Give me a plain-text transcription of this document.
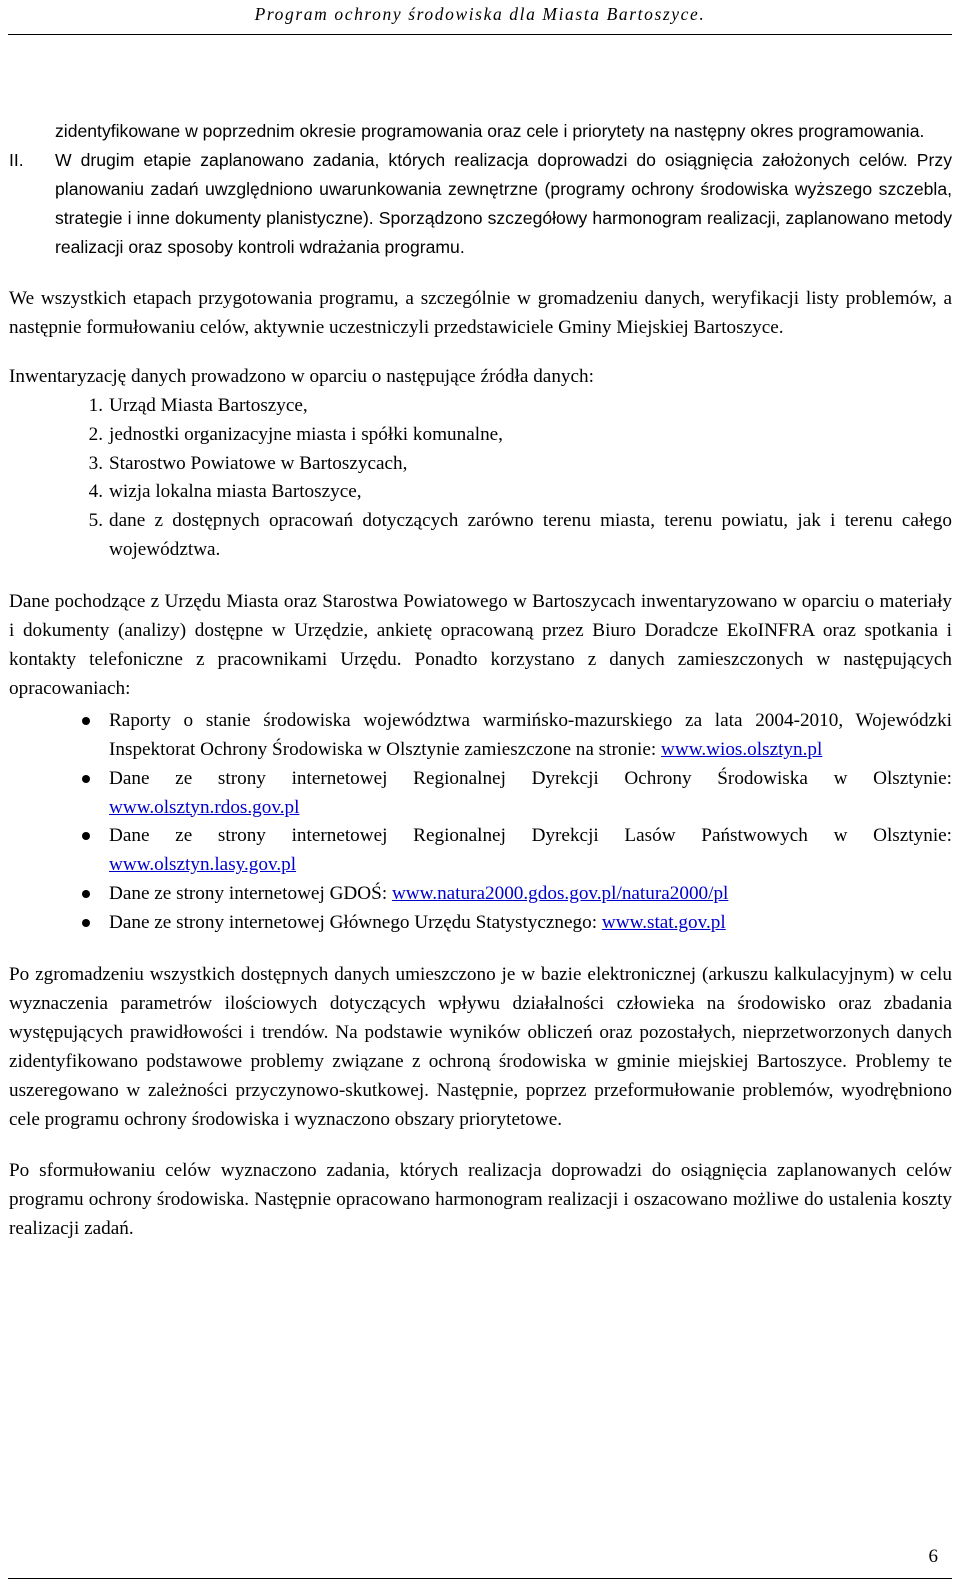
Program ochrony środowiska dla Miasta Bartoszyce.

zidentyfikowane w poprzednim okresie programowania oraz cele i priorytety na następny okres programowania.

II.	W drugim etapie zaplanowano zadania, których realizacja doprowadzi do osiągnięcia założonych celów. Przy planowaniu zadań uwzględniono uwarunkowania zewnętrzne (programy ochrony środowiska wyższego szczebla, strategie i inne dokumenty planistyczne). Sporządzono szczegółowy harmonogram realizacji, zaplanowano metody realizacji oraz sposoby kontroli wdrażania programu.

We wszystkich etapach przygotowania programu, a szczególnie w gromadzeniu danych, weryfikacji listy problemów, a następnie formułowaniu celów, aktywnie uczestniczyli przedstawiciele Gminy Miejskiej Bartoszyce.

Inwentaryzację danych prowadzono w oparciu o następujące źródła danych:

1. Urząd Miasta Bartoszyce,
2. jednostki organizacyjne miasta i spółki komunalne,
3. Starostwo Powiatowe w Bartoszycach,
4. wizja lokalna miasta Bartoszyce,
5. dane z dostępnych opracowań dotyczących zarówno terenu miasta, terenu powiatu, jak i terenu całego województwa.

Dane pochodzące z Urzędu Miasta oraz Starostwa Powiatowego w Bartoszycach inwentaryzowano w oparciu o materiały i dokumenty (analizy) dostępne w Urzędzie, ankietę opracowaną przez Biuro Doradcze EkoINFRA oraz spotkania i kontakty telefoniczne z pracownikami Urzędu. Ponadto korzystano z danych zamieszczonych w następujących opracowaniach:

Raporty o stanie środowiska województwa warmińsko-mazurskiego za lata 2004-2010, Wojewódzki Inspektorat Ochrony Środowiska w Olsztynie zamieszczone na stronie: www.wios.olsztyn.pl
Dane ze strony internetowej Regionalnej Dyrekcji Ochrony Środowiska w Olsztynie: www.olsztyn.rdos.gov.pl
Dane ze strony internetowej Regionalnej Dyrekcji Lasów Państwowych w Olsztynie: www.olsztyn.lasy.gov.pl
Dane ze strony internetowej GDOŚ: www.natura2000.gdos.gov.pl/natura2000/pl
Dane ze strony internetowej Głównego Urzędu Statystycznego: www.stat.gov.pl

Po zgromadzeniu wszystkich dostępnych danych umieszczono je w bazie elektronicznej (arkuszu kalkulacyjnym) w celu wyznaczenia parametrów ilościowych dotyczących wpływu działalności człowieka na środowisko oraz zbadania występujących prawidłowości i trendów. Na podstawie wyników obliczeń oraz pozostałych, nieprzetworzonych danych zidentyfikowano podstawowe problemy związane z ochroną środowiska w gminie miejskiej Bartoszyce. Problemy te uszeregowano w zależności przyczynowo-skutkowej. Następnie, poprzez przeformułowanie problemów, wyodrębniono cele programu ochrony środowiska i wyznaczono obszary priorytetowe.

Po sformułowaniu celów wyznaczono zadania, których realizacja doprowadzi do osiągnięcia zaplanowanych celów programu ochrony środowiska. Następnie opracowano harmonogram realizacji i oszacowano możliwe do ustalenia koszty realizacji zadań.

6
